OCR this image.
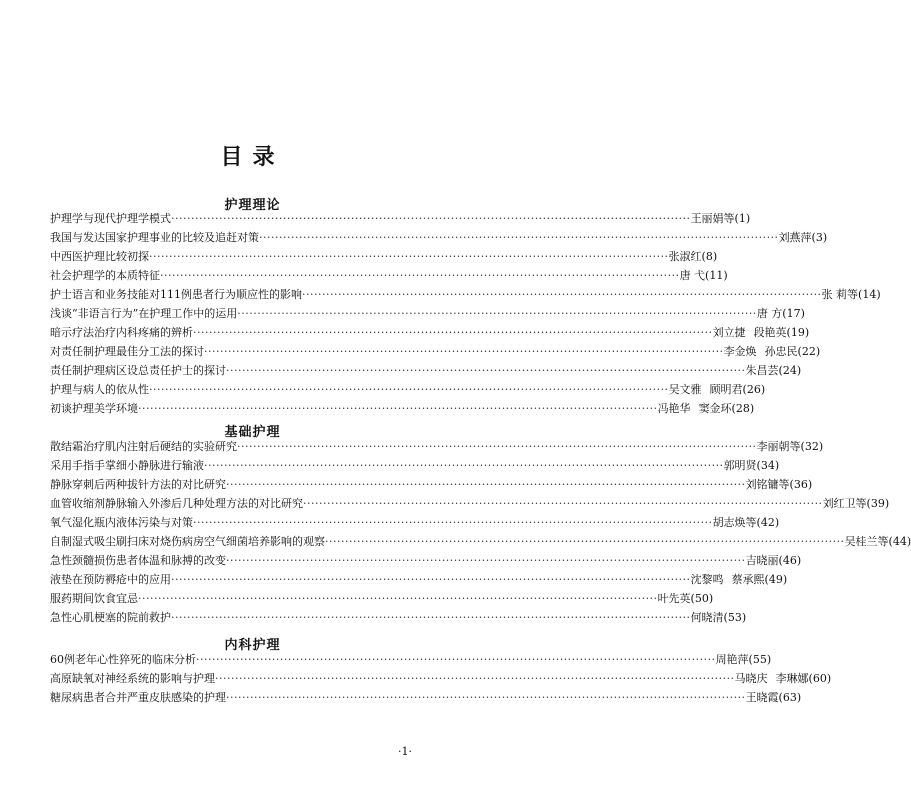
目录
护理理论
护理学与现代护理学模式 ·····	王丽娟等(1)
我国与发达国家护理事业的比较及追赶对策 ·····	刘燕萍(3)
中西医护理比较初探 ·····	张淑红(8)
社会护理学的本质特征 ·····	唐 弋(11)
护士语言和业务技能对111例患者行为顺应性的影响 ·····	张 莉等(14)
浅谈“非语言行为”在护理工作中的运用 ·····	唐 方(17)
暗示疗法治疗内科疼痛的辨析 ·····	刘立捷 段艳英(19)
对责任制护理最佳分工法的探讨 ·····	李金焕 孙忠民(22)
责任制护理病区设总责任护士的探讨 ·····	朱昌芸(24)
护理与病人的依从性 ·····	吴文雅 顾明君(26)
初谈护理美学环境 ·····	冯艳华 窦金环(28)
基础护理
散结霜治疗肌内注射后硬结的实验研究 ·····	李丽朝等(32)
采用手指手掌细小静脉进行输液 ·····	郭明贤(34)
静脉穿刺后两种拔针方法的对比研究 ·····	刘铭镛等(36)
血管收缩剂静脉输入外渗后几种处理方法的对比研究 ·····	刘红卫等(39)
氧气湿化瓶内液体污染与对策 ·····	胡志焕等(42)
自制湿式吸尘刷扫床对烧伤病房空气细菌培养影响的观察 ·····	吴桂兰等(44)
急性颈髓损伤患者体温和脉搏的改变 ·····	吉晓丽(46)
液垫在预防褥疮中的应用 ·····	沈黎鸣 蔡承熙(49)
服药期间饮食宜忌 ·····	叶先英(50)
急性心肌梗塞的院前救护 ·····	何晓清(53)
内科护理
60例老年心性猝死的临床分析 ·····	周艳萍(55)
高原缺氧对神经系统的影响与护理 ·····	马晓庆 李琳娜(60)
糖尿病患者合并严重皮肤感染的护理 ·····	王晓霞(63)
·1·
